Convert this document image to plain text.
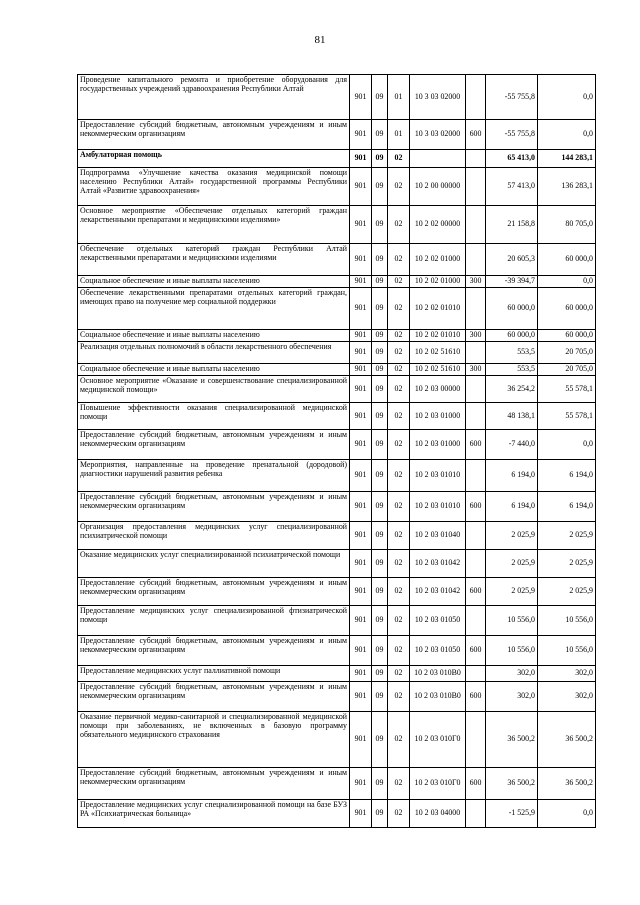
81
Проведение капитального ремонта и приобретение оборудования для государственных учреждений здравоохранения Республики Алтай	901	09	01	10 3 03 02000		-55 755,8	0,0
Предоставление субсидий бюджетным, автономным учреждениям и иным некоммерческим организациям	901	09	01	10 3 03 02000	600	-55 755,8	0,0
Амбулаторная помощь	901	09	02			65 413,0	144 283,1
Подпрограмма «Улучшение качества оказания медицинской помощи населению Республики Алтай» государственной программы Республики Алтай «Развитие здравоохранения»	901	09	02	10 2 00 00000		57 413,0	136 283,1
Основное мероприятие «Обеспечение отдельных категорий граждан лекарственными препаратами и медицинскими изделиями»	901	09	02	10 2 02 00000		21 158,8	80 705,0
Обеспечение отдельных категорий граждан Республики Алтай лекарственными препаратами и медицинскими изделиями	901	09	02	10 2 02 01000		20 605,3	60 000,0
Социальное обеспечение и иные выплаты населению	901	09	02	10 2 02 01000	300	-39 394,7	0,0
Обеспечение лекарственными препаратами отдельных категорий граждан, имеющих право на получение мер социальной поддержки	901	09	02	10 2 02 01010		60 000,0	60 000,0
Социальное обеспечение и иные выплаты населению	901	09	02	10 2 02 01010	300	60 000,0	60 000,0
Реализация отдельных полномочий в области лекарственного обеспечения	901	09	02	10 2 02 51610		553,5	20 705,0
Социальное обеспечение и иные выплаты населению	901	09	02	10 2 02 51610	300	553,5	20 705,0
Основное мероприятие «Оказание и совершенствование специализированной медицинской помощи»	901	09	02	10 2 03 00000		36 254,2	55 578,1
Повышение эффективности оказания специализированной медицинской помощи	901	09	02	10 2 03 01000		48 138,1	55 578,1
Предоставление субсидий бюджетным, автономным учреждениям и иным некоммерческим организациям	901	09	02	10 2 03 01000	600	-7 440,0	0,0
Мероприятия, направленные на проведение пренатальной (дородовой) диагностики нарушений развития ребенка	901	09	02	10 2 03 01010		6 194,0	6 194,0
Предоставление субсидий бюджетным, автономным учреждениям и иным некоммерческим организациям	901	09	02	10 2 03 01010	600	6 194,0	6 194,0
Организация предоставления медицинских услуг специализированной психиатрической помощи	901	09	02	10 2 03 01040		2 025,9	2 025,9
Оказание медицинских услуг специализированной психиатрической помощи	901	09	02	10 2 03 01042		2 025,9	2 025,9
Предоставление субсидий бюджетным, автономным учреждениям и иным некоммерческим организациям	901	09	02	10 2 03 01042	600	2 025,9	2 025,9
Предоставление медицинских услуг специализированной фтизиатрической помощи	901	09	02	10 2 03 01050		10 556,0	10 556,0
Предоставление субсидий бюджетным, автономным учреждениям и иным некоммерческим организациям	901	09	02	10 2 03 01050	600	10 556,0	10 556,0
Предоставление медицинских услуг паллиативной помощи	901	09	02	10 2 03 010В0		302,0	302,0
Предоставление субсидий бюджетным, автономным учреждениям и иным некоммерческим организациям	901	09	02	10 2 03 010В0	600	302,0	302,0
Оказание первичной медико-санитарной и специализированной медицинской помощи при заболеваниях, не включенных в базовую программу обязательного медицинского страхования	901	09	02	10 2 03 010Г0		36 500,2	36 500,2
Предоставление субсидий бюджетным, автономным учреждениям и иным некоммерческим организациям	901	09	02	10 2 03 010Г0	600	36 500,2	36 500,2
Предоставление медицинских услуг специализированной помощи на базе БУЗ РА «Психиатрическая больница»	901	09	02	10 2 03 04000		-1 525,9	0,0
